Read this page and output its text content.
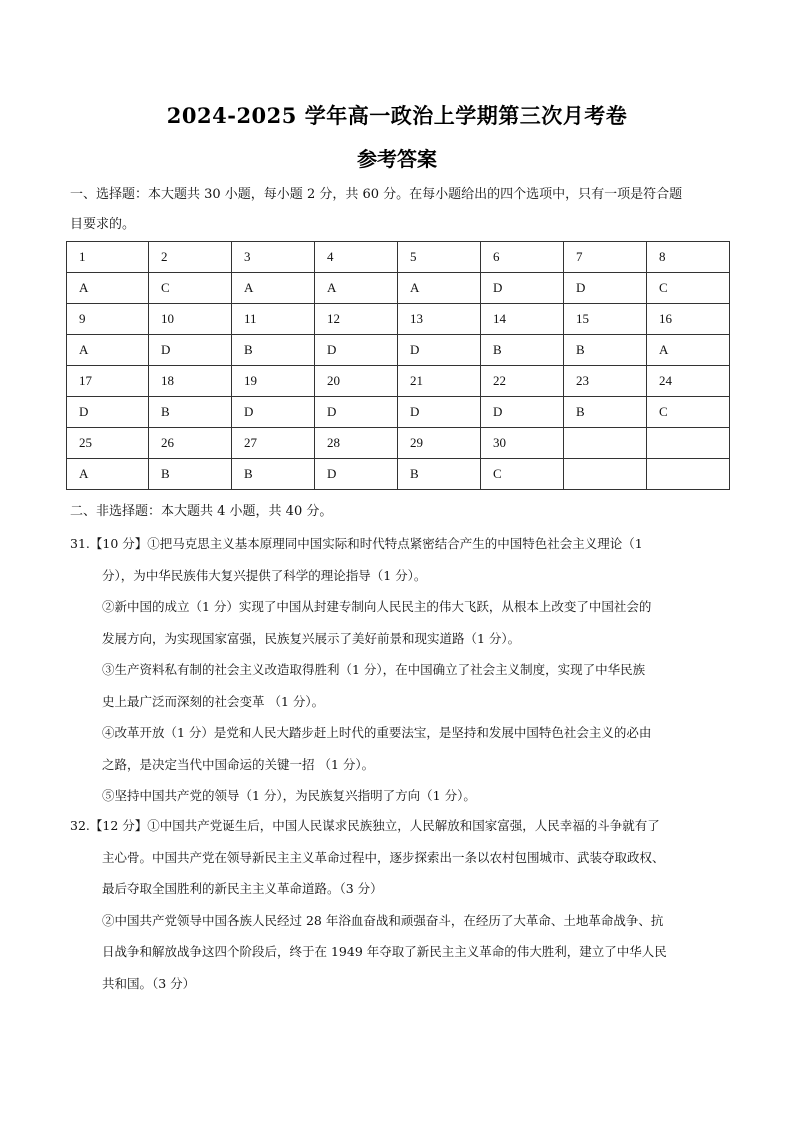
2024-2025 学年高一政治上学期第三次月考卷
参考答案
一、选择题：本大题共 30 小题，每小题 2 分，共 60 分。在每小题给出的四个选项中，只有一项是符合题
目要求的。
1	2	3	4	5	6	7	8
A	C	A	A	A	D	D	C
9	10	11	12	13	14	15	16
A	D	B	D	D	B	B	A
17	18	19	20	21	22	23	24
D	B	D	D	D	D	B	C
25	26	27	28	29	30		
A	B	B	D	B	C		
二、非选择题：本大题共 4 小题，共 40 分。
31.【10 分】①把马克思主义基本原理同中国实际和时代特点紧密结合产生的中国特色社会主义理论（1
分），为中华民族伟大复兴提供了科学的理论指导（1 分）。
②新中国的成立（1 分）实现了中国从封建专制向人民民主的伟大飞跃，从根本上改变了中国社会的
发展方向，为实现国家富强，民族复兴展示了美好前景和现实道路（1 分）。
③生产资料私有制的社会主义改造取得胜利（1 分），在中国确立了社会主义制度，实现了中华民族
史上最广泛而深刻的社会变革 （1 分）。
④改革开放（1 分）是党和人民大踏步赶上时代的重要法宝，是坚持和发展中国特色社会主义的必由
之路，是决定当代中国命运的关键一招 （1 分）。
⑤坚持中国共产党的领导（1 分），为民族复兴指明了方向（1 分）。
32.【12 分】①中国共产党诞生后，中国人民谋求民族独立，人民解放和国家富强，人民幸福的斗争就有了
主心骨。中国共产党在领导新民主主义革命过程中，逐步探索出一条以农村包围城市、武装夺取政权、
最后夺取全国胜利的新民主主义革命道路。（3 分）
②中国共产党领导中国各族人民经过 28 年浴血奋战和顽强奋斗，在经历了大革命、土地革命战争、抗
日战争和解放战争这四个阶段后，终于在 1949 年夺取了新民主主义革命的伟大胜利，建立了中华人民
共和国。（3 分）
